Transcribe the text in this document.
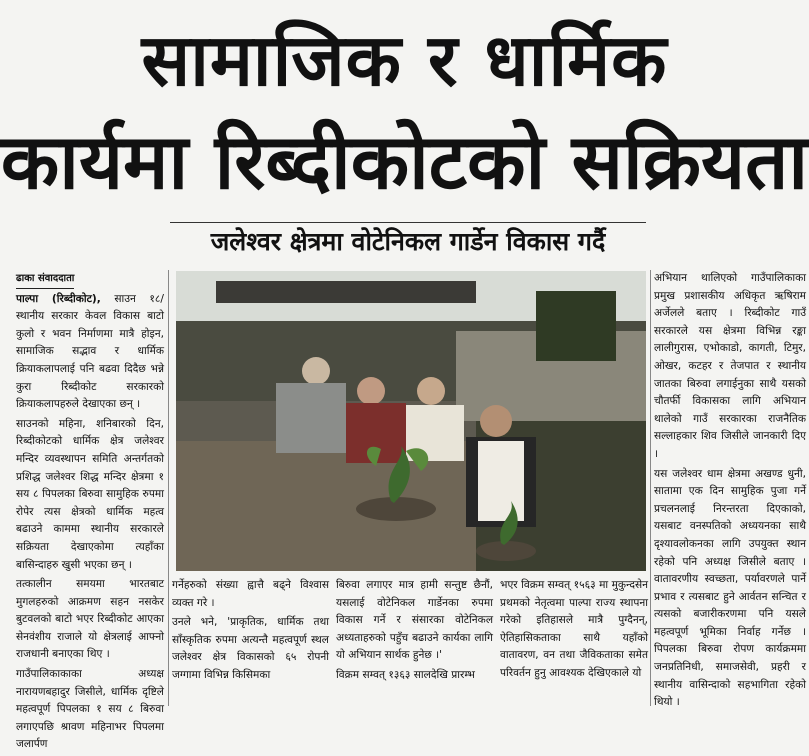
सामाजिक र धार्मिक
कार्यमा रिब्दीकोटको सक्रियता
जलेश्वर क्षेत्रमा वोटेनिकल गार्डेन विकास गर्दै
ढाका संवाददाता

पाल्पा (रिब्दीकोट), साउन १८/ स्थानीय सरकार केवल विकास बाटो कुलो र भवन निर्माणमा मात्रै होइन, सामाजिक सद्भाव र धार्मिक क्रियाकलापलाई पनि बढवा दिदैछ भन्ने कुरा रिब्दीकोट सरकारको क्रियाकलापहरुले देखाएका छन् ।

साउनको महिना, शनिबारको दिन, रिब्दीकोटको धार्मिक क्षेत्र जलेश्वर मन्दिर व्यवस्थापन समिति अन्तर्गतको प्रशिद्ध जलेश्वर शिद्ध मन्दिर क्षेत्रमा १ सय ८ पिपलका बिरुवा सामुहिक रुपमा रोपेर त्यस क्षेत्रको धार्मिक महत्व बढाउने काममा स्थानीय सरकारले सक्रियता देखाएकोमा त्यहाँका बासिन्दाहरु खुसी भएका छन् ।

तत्कालीन समयमा भारतबाट मुगलहरुको आक्रमण सहन नसकेर बुटवलको बाटो भएर रिब्दीकोट आएका सेनवंशीय राजाले यो क्षेत्रलाई आफ्नो राजधानी बनाएका थिए ।

गाउँपालिकाकाका अध्यक्ष नारायणबहादुर जिसीले, धार्मिक दृष्टिले महत्वपूर्ण पिपलका १ सय ८ बिरुवा लगाएपछि श्रावण महिनाभर पिपलमा जलार्पण

गर्नेहरुको संख्या ह्वात्तै बढ्ने विश्वास व्यक्त गरे ।

उनले भने, 'प्राकृतिक, धार्मिक तथा साँस्कृतिक रुपमा अत्यन्तै महत्वपूर्ण स्थल जलेश्वर क्षेत्र विकासको ६५ रोपनी जग्गामा विभिन्न किसिमका

बिरुवा लगाएर मात्र हामी सन्तुष्ट छैनौं, यसलाई वोटेनिकल गार्डेनका रुपमा विकास गर्ने र संसारका वोटेनिकल अध्यताहरुको पहुँच बढाउने कार्यका लागि यो अभियान सार्थक हुनेछ ।'

विक्रम सम्वत् १३६३ सालदेखि प्रारम्भ

भएर विक्रम सम्वत् १५६३ मा मुकुन्दसेन प्रथमको नेतृत्वमा पाल्पा राज्य स्थापना गरेको इतिहासले मात्रै पुग्दैनन्, ऐतिहासिकताका साथै यहाँको वातावरण, वन तथा जैविकताका समेत परिवर्तन हुनु आवश्यक देखिएकाले यो

अभियान थालिएको गाउँपालिकाका प्रमुख प्रशासकीय अधिकृत ऋषिराम अर्जेलले बताए । रिब्दीकोट गाउँ सरकारले यस क्षेत्रमा विभिन्न रङ्का लालीगुरास, एभोकाडो, कागती, टिमुर, ओखर, कटहर र तेजपात र स्थानीय जातका बिरुवा लगाईनुका साथै यसको चौतर्फी विकासका लागि अभियान थालेको गाउँ सरकारका राजनैतिक सल्लाहकार शिव जिसीले जानकारी दिए ।

यस जलेश्वर धाम क्षेत्रमा अखण्ड धुनी, सातामा एक दिन सामुहिक पुजा गर्ने प्रचलनलाई निरन्तरता दिएकाको, यसबाट वनस्पतिको अध्ययनका साथै दृश्यावलोकनका लागि उपयुक्त स्थान रहेको पनि अध्यक्ष जिसीले बताए । वातावरणीय स्वच्छता, पर्यावरणले पार्ने प्रभाव र त्यसबाट हुने आर्वतन सन्चित र त्यसको बजारीकरणमा पनि यसले महत्वपूर्ण भूमिका निर्वाह गर्नेछ । पिपलका बिरुवा रोपण कार्यक्रममा जनप्रतिनिधी, समाजसेवी, प्रहरी र स्थानीय वासिन्दाको सहभागिता रहेको थियो ।
